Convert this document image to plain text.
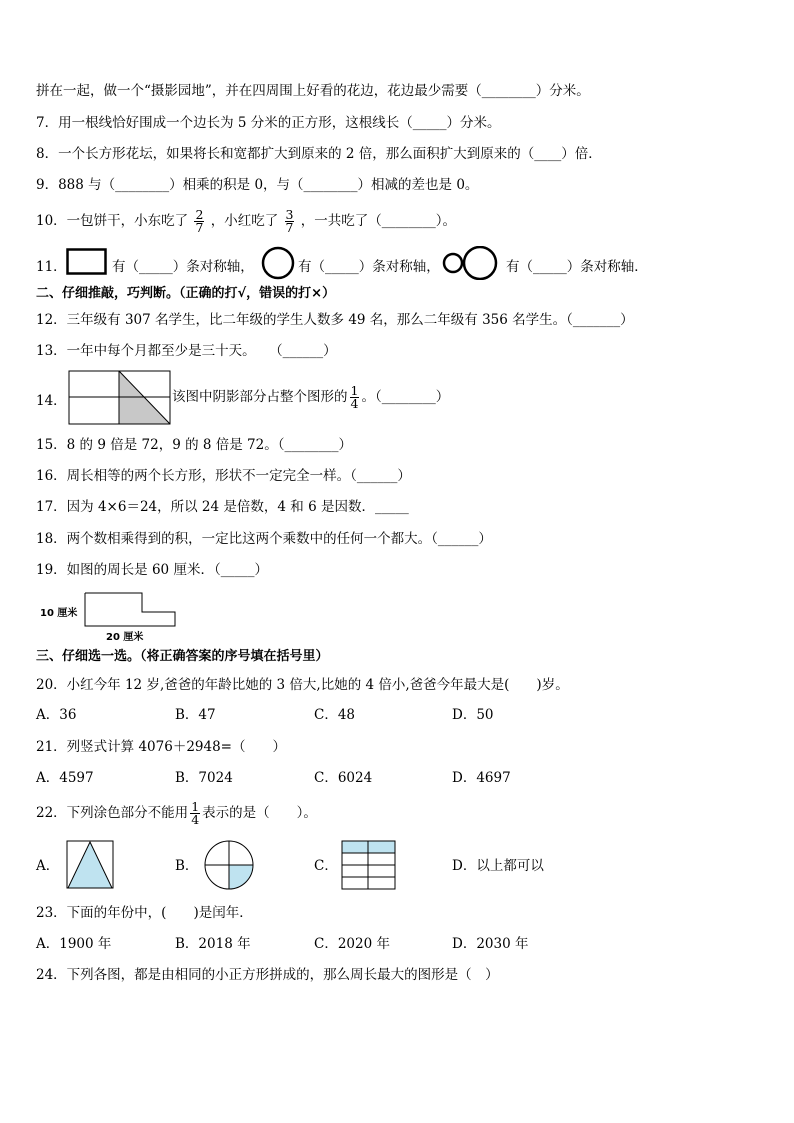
拼在一起，做一个“摄影园地”，并在四周围上好看的花边，花边最少需要（________）分米。
7．用一根线恰好围成一个边长为 5 分米的正方形，这根线长（_____）分米。
8．一个长方形花坛，如果将长和宽都扩大到原来的 2 倍，那么面积扩大到原来的（____）倍．
9．888 与（________）相乘的积是 0，与（________）相减的差也是 0。
10．一包饼干，小东吃了 $\frac{2}{7}$ ，小红吃了 $\frac{3}{7}$ ，一共吃了（________）。
11．	有（_____）条对称轴，	有（_____）条对称轴，	有（_____）条对称轴．
二、仔细推敲，巧判断。（正确的打√，错误的打×）
12．三年级有 307 名学生，比二年级的学生人数多 49 名，那么二年级有 356 名学生。（_______）
13．一年中每个月都至少是三十天。　　（______）
14．	该图中阴影部分占整个图形的 $\frac{1}{4}$ 。（________）
15．8 的 9 倍是 72，9 的 8 倍是 72。（________）
16．周长相等的两个长方形，形状不一定完全一样。（______）
17．因为 4×6＝24，所以 24 是倍数，4 和 6 是因数．_____
18．两个数相乘得到的积，一定比这两个乘数中的任何一个都大。（______）
19．如图的周长是 60 厘米．（_____）
10 厘米
20 厘米
三、仔细选一选。（将正确答案的序号填在括号里）
20．小红今年 12 岁,爸爸的年龄比她的 3 倍大,比她的 4 倍小,爸爸今年最大是(　　)岁。
A．36	B．47	C．48	D．50
21．列竖式计算 4076＋2948=（　　）
A．4597	B．7024	C．6024	D．4697
22．下列涂色部分不能用 $\frac{1}{4}$ 表示的是（　　）。
A．	B．	C．	D．以上都可以
23．下面的年份中，(　　)是闰年．
A．1900 年	B．2018 年	C．2020 年	D．2030 年
24．下列各图，都是由相同的小正方形拼成的，那么周长最大的图形是（　）
